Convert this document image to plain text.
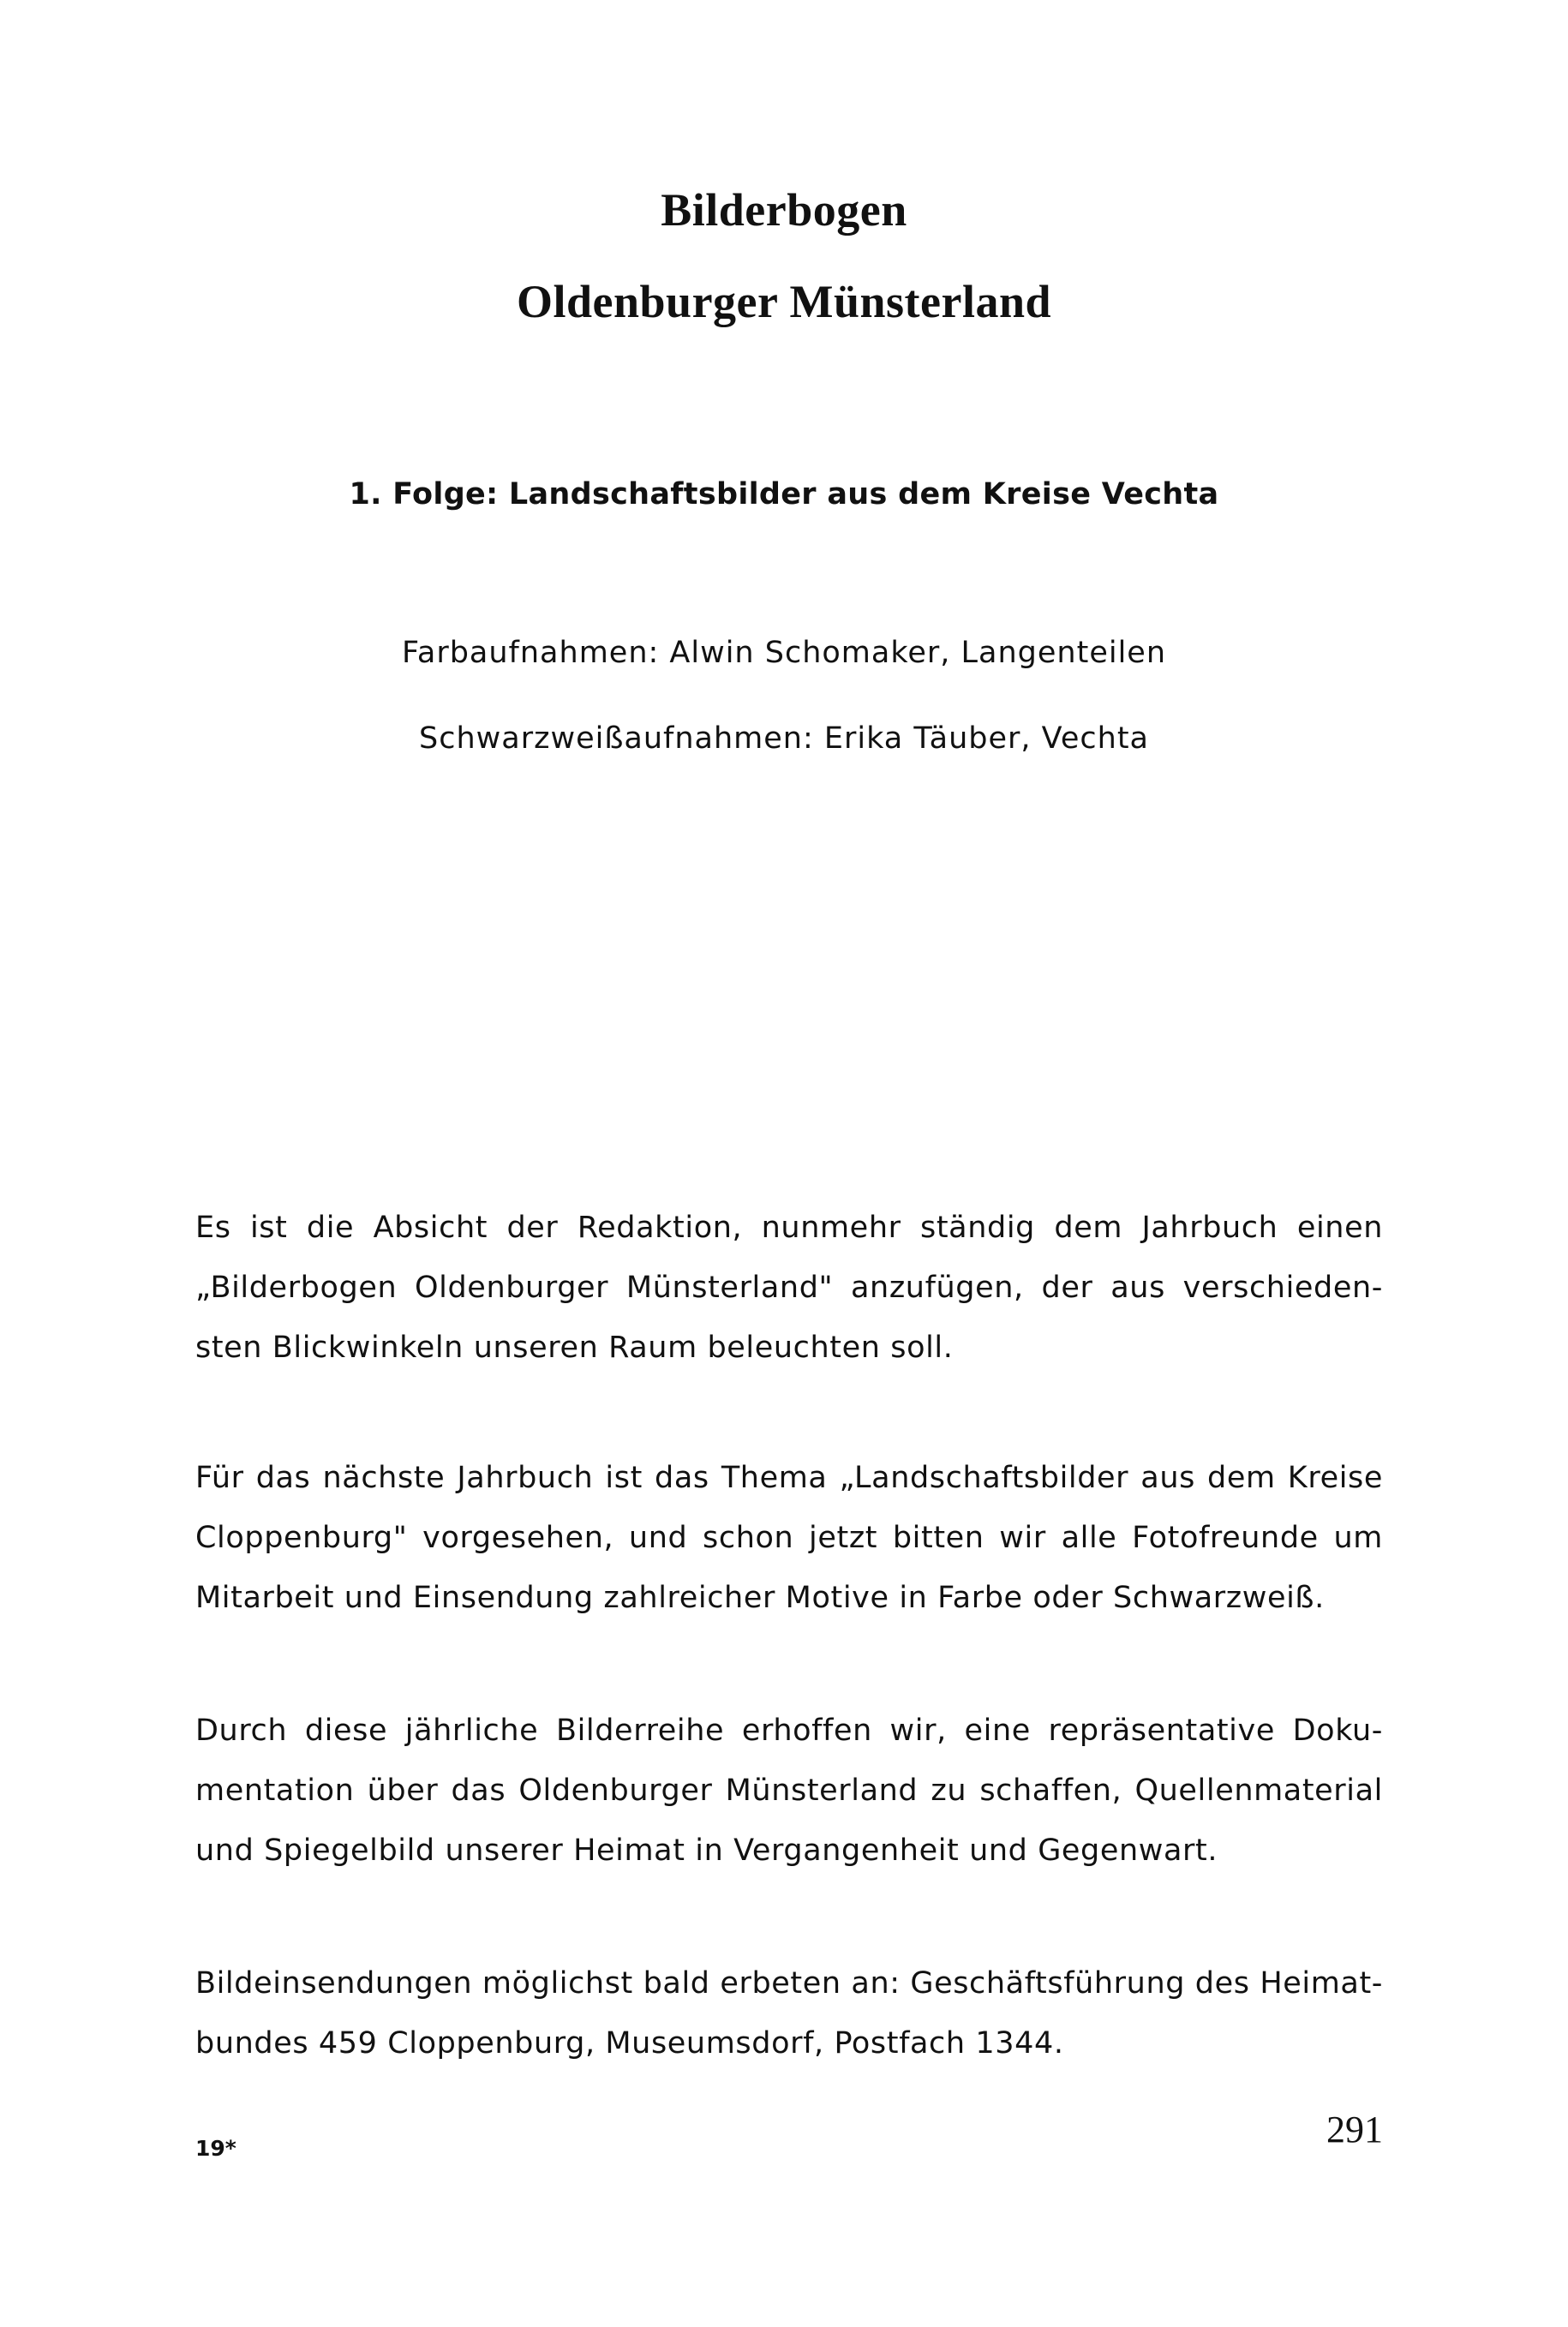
Bilderbogen
Oldenburger Münsterland
1. Folge: Landschaftsbilder aus dem Kreise Vechta
Farbaufnahmen: Alwin Schomaker, Langenteilen
Schwarzweißaufnahmen: Erika Täuber, Vechta
Es ist die Absicht der Redaktion, nunmehr ständig dem Jahrbuch einen
„Bilderbogen Oldenburger Münsterland" anzufügen, der aus verschieden-
sten Blickwinkeln unseren Raum beleuchten soll.
Für das nächste Jahrbuch ist das Thema „Landschaftsbilder aus dem Kreise
Cloppenburg" vorgesehen, und schon jetzt bitten wir alle Fotofreunde um
Mitarbeit und Einsendung zahlreicher Motive in Farbe oder Schwarzweiß.
Durch diese jährliche Bilderreihe erhoffen wir, eine repräsentative Doku-
mentation über das Oldenburger Münsterland zu schaffen, Quellenmaterial
und Spiegelbild unserer Heimat in Vergangenheit und Gegenwart.
Bildeinsendungen möglichst bald erbeten an: Geschäftsführung des Heimat-
bundes 459 Cloppenburg, Museumsdorf, Postfach 1344.
19*	291
